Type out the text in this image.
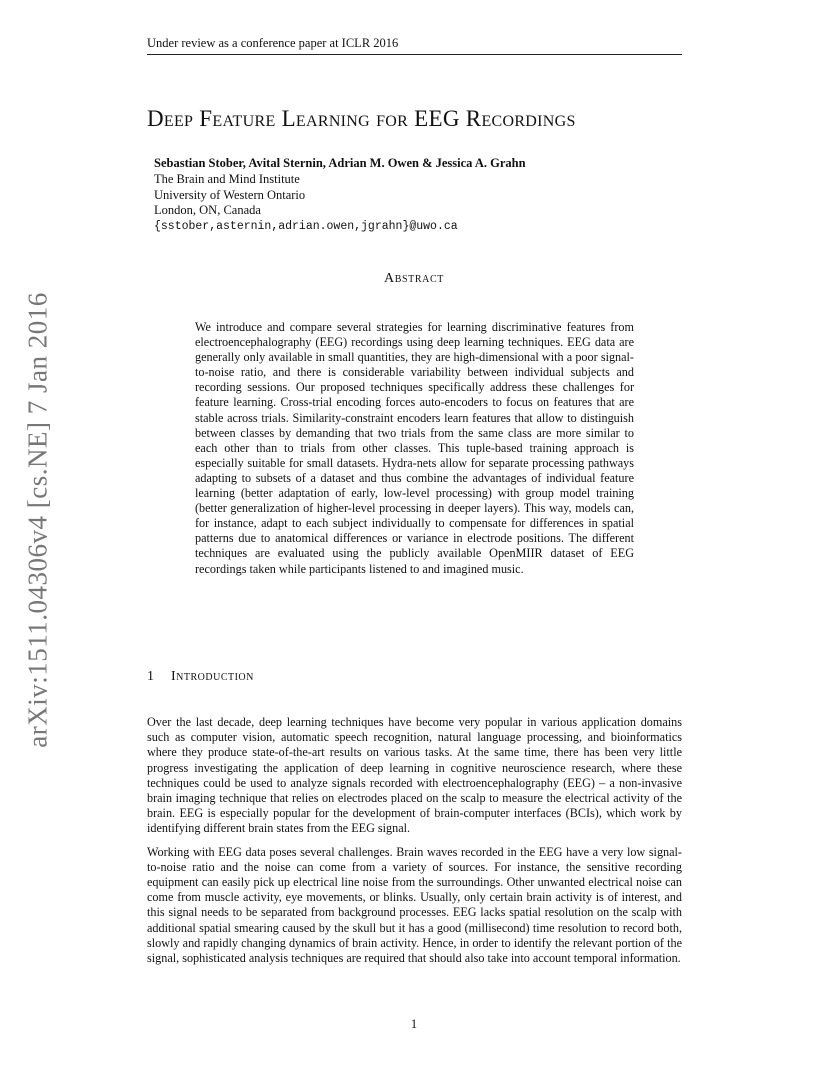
Under review as a conference paper at ICLR 2016
arXiv:1511.04306v4 [cs.NE] 7 Jan 2016
Deep Feature Learning for EEG Recordings
Sebastian Stober, Avital Sternin, Adrian M. Owen & Jessica A. Grahn
The Brain and Mind Institute
University of Western Ontario
London, ON, Canada
{sstober,asternin,adrian.owen,jgrahn}@uwo.ca
Abstract

We introduce and compare several strategies for learning discriminative features from electroencephalography (EEG) recordings using deep learning techniques. EEG data are generally only available in small quantities, they are high-dimensional with a poor signal-to-noise ratio, and there is considerable variability between individual subjects and recording sessions. Our proposed techniques specifically address these challenges for feature learning. Cross-trial encoding forces auto-encoders to focus on features that are stable across trials. Similarity-constraint encoders learn features that allow to distinguish between classes by demanding that two trials from the same class are more similar to each other than to trials from other classes. This tuple-based training approach is especially suitable for small datasets. Hydra-nets allow for separate processing pathways adapting to subsets of a dataset and thus combine the advantages of individual feature learning (better adaptation of early, low-level processing) with group model training (better generalization of higher-level processing in deeper layers). This way, models can, for instance, adapt to each subject individually to compensate for differences in spatial patterns due to anatomical differences or variance in electrode positions. The different techniques are evaluated using the publicly available OpenMIIR dataset of EEG recordings taken while participants listened to and imagined music.

1 Introduction

Over the last decade, deep learning techniques have become very popular in various application domains such as computer vision, automatic speech recognition, natural language processing, and bioinformatics where they produce state-of-the-art results on various tasks. At the same time, there has been very little progress investigating the application of deep learning in cognitive neuroscience research, where these techniques could be used to analyze signals recorded with electroencephalography (EEG) – a non-invasive brain imaging technique that relies on electrodes placed on the scalp to measure the electrical activity of the brain. EEG is especially popular for the development of brain-computer interfaces (BCIs), which work by identifying different brain states from the EEG signal.

Working with EEG data poses several challenges. Brain waves recorded in the EEG have a very low signal-to-noise ratio and the noise can come from a variety of sources. For instance, the sensitive recording equipment can easily pick up electrical line noise from the surroundings. Other unwanted electrical noise can come from muscle activity, eye movements, or blinks. Usually, only certain brain activity is of interest, and this signal needs to be separated from background processes. EEG lacks spatial resolution on the scalp with additional spatial smearing caused by the skull but it has a good (millisecond) time resolution to record both, slowly and rapidly changing dynamics of brain activity. Hence, in order to identify the relevant portion of the signal, sophisticated analysis techniques are required that should also take into account temporal information.

1
